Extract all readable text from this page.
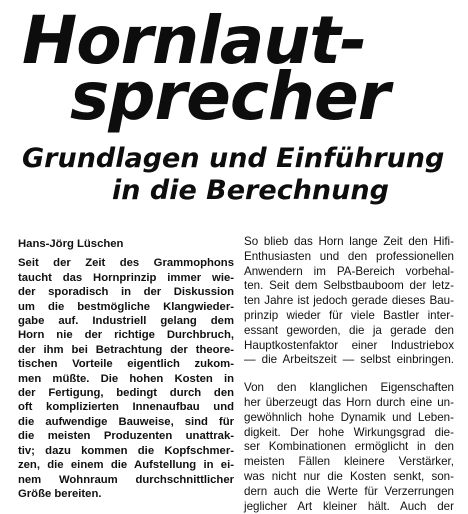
Hornlaut-
sprecher
Grundlagen und Einführung
in die Berechnung
Hans-Jörg Lüschen
Seit der Zeit des Grammophons
taucht das Hornprinzip immer wie-
der sporadisch in der Diskussion
um die bestmögliche Klangwieder-
gabe auf. Industriell gelang dem
Horn nie der richtige Durchbruch,
der ihm bei Betrachtung der theore-
tischen Vorteile eigentlich zukom-
men müßte. Die hohen Kosten in
der Fertigung, bedingt durch den
oft komplizierten Innenaufbau und
die aufwendige Bauweise, sind für
die meisten Produzenten unattrak-
tiv; dazu kommen die Kopfschmer-
zen, die einem die Aufstellung in ei-
nem Wohnraum durchschnittlicher
Größe bereiten.

So blieb das Horn lange Zeit den Hifi-
Enthusiasten und den professionellen
Anwendern im PA-Bereich vorbehal-
ten. Seit dem Selbstbauboom der letz-
ten Jahre ist jedoch gerade dieses Bau-
prinzip wieder für viele Bastler inter-
essant geworden, die ja gerade den
Hauptkostenfaktor einer Industriebox
— die Arbeitszeit — selbst einbringen.

Von den klanglichen Eigenschaften
her überzeugt das Horn durch eine un-
gewöhnlich hohe Dynamik und Leben-
digkeit. Der hohe Wirkungsgrad die-
ser Kombinationen ermöglicht in den
meisten Fällen kleinere Verstärker,
was nicht nur die Kosten senkt, son-
dern auch die Werte für Verzerrungen
jeglicher Art kleiner hält. Auch der
